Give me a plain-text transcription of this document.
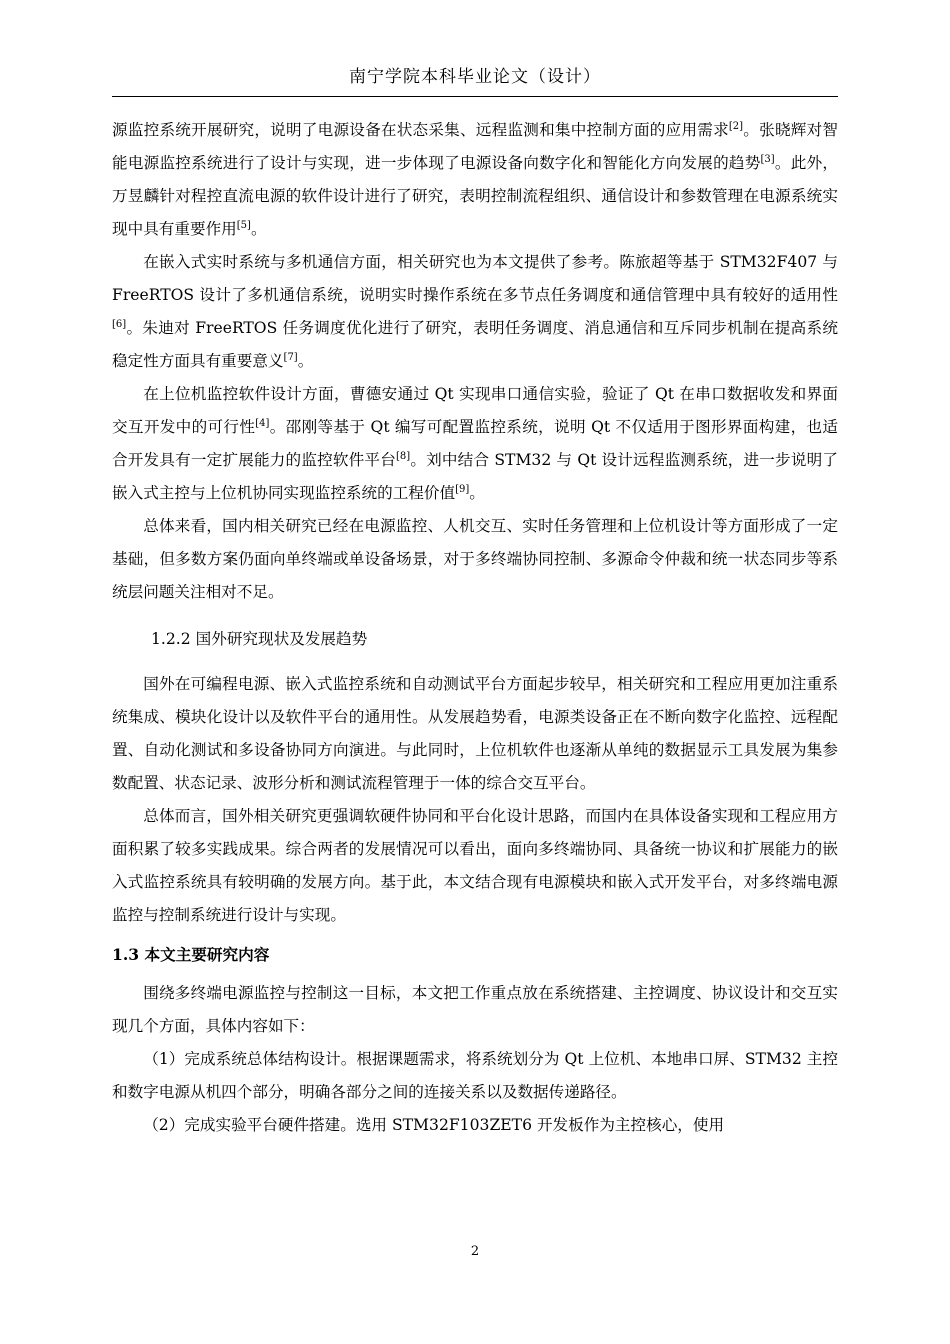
南宁学院本科毕业论文（设计）

源监控系统开展研究，说明了电源设备在状态采集、远程监测和集中控制方面的应用需求[2]。张晓辉对智能电源监控系统进行了设计与实现，进一步体现了电源设备向数字化和智能化方向发展的趋势[3]。此外，万昱麟针对程控直流电源的软件设计进行了研究，表明控制流程组织、通信设计和参数管理在电源系统实现中具有重要作用[5]。

在嵌入式实时系统与多机通信方面，相关研究也为本文提供了参考。陈旅超等基于 STM32F407 与 FreeRTOS 设计了多机通信系统，说明实时操作系统在多节点任务调度和通信管理中具有较好的适用性[6]。朱迪对 FreeRTOS 任务调度优化进行了研究，表明任务调度、消息通信和互斥同步机制在提高系统稳定性方面具有重要意义[7]。

在上位机监控软件设计方面，曹德安通过 Qt 实现串口通信实验，验证了 Qt 在串口数据收发和界面交互开发中的可行性[4]。邵刚等基于 Qt 编写可配置监控系统，说明 Qt 不仅适用于图形界面构建，也适合开发具有一定扩展能力的监控软件平台[8]。刘中结合 STM32 与 Qt 设计远程监测系统，进一步说明了嵌入式主控与上位机协同实现监控系统的工程价值[9]。

总体来看，国内相关研究已经在电源监控、人机交互、实时任务管理和上位机设计等方面形成了一定基础，但多数方案仍面向单终端或单设备场景，对于多终端协同控制、多源命令仲裁和统一状态同步等系统层问题关注相对不足。

1.2.2 国外研究现状及发展趋势

国外在可编程电源、嵌入式监控系统和自动测试平台方面起步较早，相关研究和工程应用更加注重系统集成、模块化设计以及软件平台的通用性。从发展趋势看，电源类设备正在不断向数字化监控、远程配置、自动化测试和多设备协同方向演进。与此同时，上位机软件也逐渐从单纯的数据显示工具发展为集参数配置、状态记录、波形分析和测试流程管理于一体的综合交互平台。

总体而言，国外相关研究更强调软硬件协同和平台化设计思路，而国内在具体设备实现和工程应用方面积累了较多实践成果。综合两者的发展情况可以看出，面向多终端协同、具备统一协议和扩展能力的嵌入式监控系统具有较明确的发展方向。基于此，本文结合现有电源模块和嵌入式开发平台，对多终端电源监控与控制系统进行设计与实现。

1.3 本文主要研究内容

围绕多终端电源监控与控制这一目标，本文把工作重点放在系统搭建、主控调度、协议设计和交互实现几个方面，具体内容如下：

（1）完成系统总体结构设计。根据课题需求，将系统划分为 Qt 上位机、本地串口屏、STM32 主控和数字电源从机四个部分，明确各部分之间的连接关系以及数据传递路径。

（2）完成实验平台硬件搭建。选用 STM32F103ZET6 开发板作为主控核心，使用

2
